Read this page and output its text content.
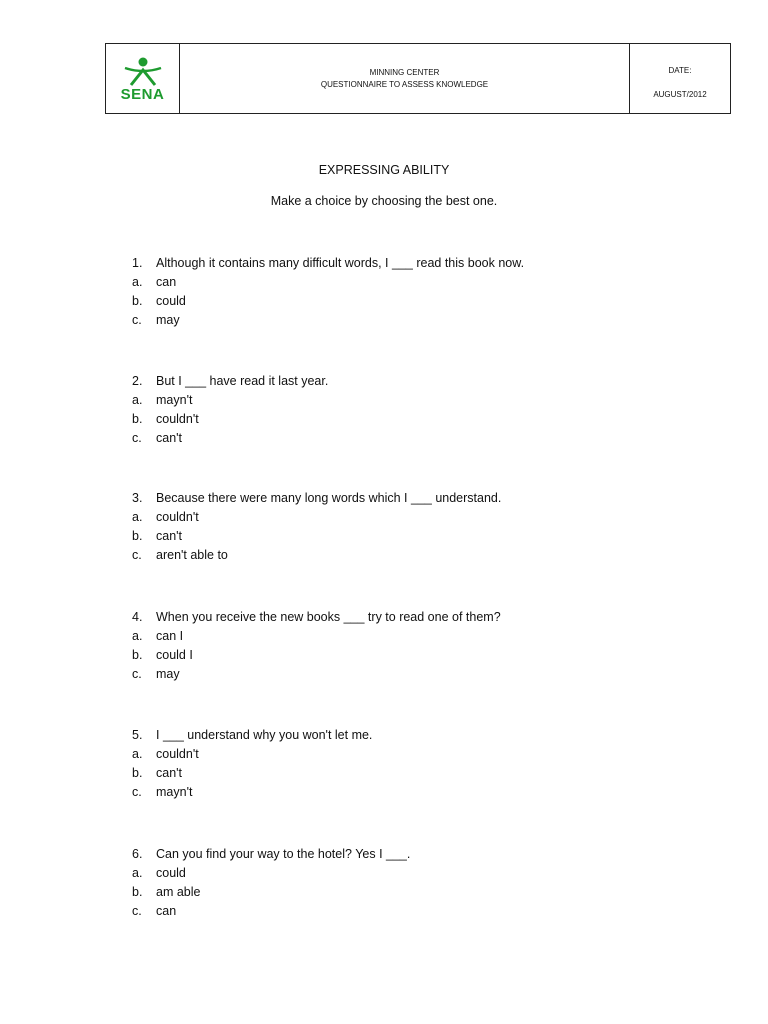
SENA
MINNING CENTER
QUESTIONNAIRE TO ASSESS KNOWLEDGE
DATE:
AUGUST/2012
EXPRESSING ABILITY
Make a choice by choosing the best one.
1.	Although it contains many difficult words, I ___ read this book now.
a.	can
b.	could
c.	may
2.	But I ___ have read it last year.
a.	mayn't
b.	couldn't
c.	can't
3.	Because there were many long words which I ___ understand.
a.	couldn't
b.	can't
c.	aren't able to
4.	When you receive the new books ___ try to read one of them?
a.	can I
b.	could I
c.	may
5.	I ___ understand why you won't let me.
a.	couldn't
b.	can't
c.	mayn't
6.	Can you find your way to the hotel? Yes I ___.
a.	could
b.	am able
c.	can
